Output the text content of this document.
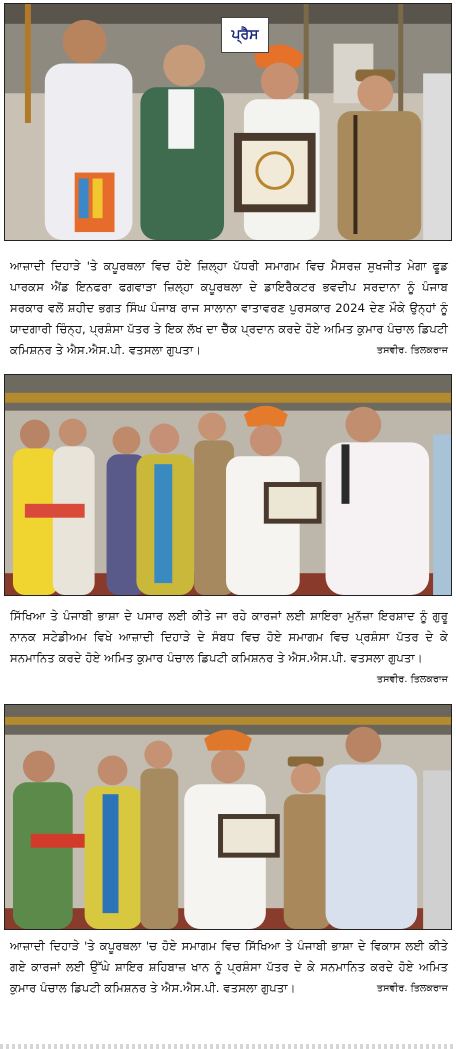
ਪ੍ਰੈਸ
ਆਜ਼ਾਦੀ ਦਿਹਾੜੇ 'ਤੇ ਕਪੂਰਥਲਾ ਵਿਚ ਹੋਏ ਜ਼ਿਲ੍ਹਾ ਪੱਧਰੀ ਸਮਾਗਮ ਵਿਚ ਮੈਸਰਜ਼ ਸੁਖਜੀਤ ਮੇਗਾ ਫੂਡ ਪਾਰਕਸ ਐਂਡ ਇਨਫਰਾ ਫਗਵਾੜਾ ਜ਼ਿਲ੍ਹਾ ਕਪੂਰਥਲਾ ਦੇ ਡਾਇਰੈਕਟਰ ਭਵਦੀਪ ਸਰਦਾਨਾ ਨੂੰ ਪੰਜਾਬ ਸਰਕਾਰ ਵਲੋਂ ਸ਼ਹੀਦ ਭਗਤ ਸਿੰਘ ਪੰਜਾਬ ਰਾਜ ਸਾਲਾਨਾ ਵਾਤਾਵਰਣ ਪੁਰਸਕਾਰ 2024 ਦੇਣ ਮੌਕੇ ਉਨ੍ਹਾਂ ਨੂੰ ਯਾਦਗਾਰੀ ਚਿੰਨ੍ਹ, ਪ੍ਰਸ਼ੰਸਾ ਪੱਤਰ ਤੇ ਇਕ ਲੱਖ ਦਾ ਚੈੱਕ ਪ੍ਰਦਾਨ ਕਰਦੇ ਹੋਏ ਅਮਿਤ ਕੁਮਾਰ ਪੰਚਾਲ ਡਿਪਟੀ ਕਮਿਸ਼ਨਰ ਤੇ ਐਸ.ਐਸ.ਪੀ. ਵਤਸਲਾ ਗੁਪਤਾ।	ਤਸਵੀਰ. ਤਿਲਕਰਾਜ
ਸਿੱਖਿਆ ਤੇ ਪੰਜਾਬੀ ਭਾਸ਼ਾ ਦੇ ਪਸਾਰ ਲਈ ਕੀਤੇ ਜਾ ਰਹੇ ਕਾਰਜਾਂ ਲਈ ਸ਼ਾਇਰਾ ਮੁਨੱਜ਼ਾ ਇਰਸ਼ਾਦ ਨੂੰ ਗੁਰੂ ਨਾਨਕ ਸਟੇਡੀਅਮ ਵਿਖੇ ਆਜ਼ਾਦੀ ਦਿਹਾੜੇ ਦੇ ਸੰਬਧ ਵਿਚ ਹੋਏ ਸਮਾਗਮ ਵਿਚ ਪ੍ਰਸ਼ੰਸਾ ਪੱਤਰ ਦੇ ਕੇ ਸਨਮਾਨਿਤ ਕਰਦੇ ਹੋਏ ਅਮਿਤ ਕੁਮਾਰ ਪੰਚਾਲ ਡਿਪਟੀ ਕਮਿਸ਼ਨਰ ਤੇ ਐਸ.ਐਸ.ਪੀ. ਵਤਸਲਾ ਗੁਪਤਾ।
ਤਸਵੀਰ. ਤਿਲਕਰਾਜ
ਆਜ਼ਾਦੀ ਦਿਹਾੜੇ 'ਤੇ ਕਪੂਰਥਲਾ 'ਚ ਹੋਏ ਸਮਾਗਮ ਵਿਚ ਸਿੱਖਿਆ ਤੇ ਪੰਜਾਬੀ ਭਾਸ਼ਾ ਦੇ ਵਿਕਾਸ ਲਈ ਕੀਤੇ ਗਏ ਕਾਰਜਾਂ ਲਈ ਉੱਘੇ ਸ਼ਾਇਰ ਸ਼ਹਿਬਾਜ਼ ਖਾਨ ਨੂੰ ਪ੍ਰਸ਼ੰਸਾ ਪੱਤਰ ਦੇ ਕੇ ਸਨਮਾਨਿਤ ਕਰਦੇ ਹੋਏ ਅਮਿਤ ਕੁਮਾਰ ਪੰਚਾਲ ਡਿਪਟੀ ਕਮਿਸ਼ਨਰ ਤੇ ਐਸ.ਐਸ.ਪੀ. ਵਤਸਲਾ ਗੁਪਤਾ।	ਤਸਵੀਰ. ਤਿਲਕਰਾਜ
